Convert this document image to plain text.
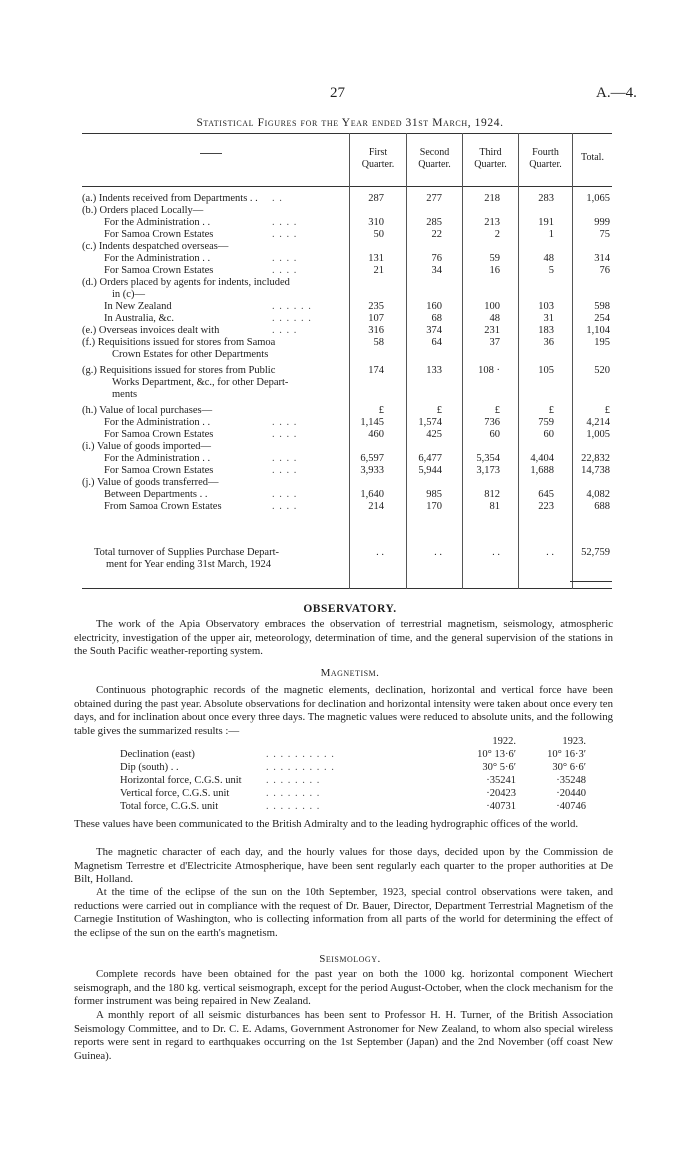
27	A.—4.
Statistical Figures for the Year ended 31st March, 1924.
First
Quarter.
Second
Quarter.
Third
Quarter.
Fourth
Quarter.
Total.
(a.) Indents received from Departments . . . .	287	277	218	283	1,065
(b.) Orders placed Locally—
For the Administration . .	. . . .	310	285	213	191	999
For Samoa Crown Estates	. . . .	50	22	2	1	75
(c.) Indents despatched overseas—
For the Administration . .	. . . .	131	76	59	48	314
For Samoa Crown Estates	. . . .	21	34	16	5	76
(d.) Orders placed by agents for indents, included
in (c)—
In New Zealand	. . . . . .	235	160	100	103	598
In Australia, &c.	. . . . . .	107	68	48	31	254
(e.) Overseas invoices dealt with	. . . .	316	374	231	183	1,104
(f.) Requisitions issued for stores from Samoa	58	64	37	36	195
Crown Estates for other Departments
(g.) Requisitions issued for stores from Public	174	133	108 ·	105	520
Works Department, &c., for other Depart-
ments
(h.) Value of local purchases—	£	£	£	£	£
For the Administration . .	. . . .	1,145	1,574	736	759	4,214
For Samoa Crown Estates	. . . .	460	425	60	60	1,005
(i.) Value of goods imported—
For the Administration . .	. . . .	6,597	6,477	5,354	4,404	22,832
For Samoa Crown Estates	. . . .	3,933	5,944	3,173	1,688	14,738
(j.) Value of goods transferred—
Between Departments . .	. . . .	1,640	985	812	645	4,082
From Samoa Crown Estates	. . . .	214	170	81	223	688
Total turnover of Supplies Purchase Depart-	. .	. .	. .	. .	52,759
ment for Year ending 31st March, 1924
OBSERVATORY.

The work of the Apia Observatory embraces the observation of terrestrial magnetism, seismology, atmospheric electricity, investigation of the upper air, meteorology, determination of time, and the general supervision of the stations in the South Pacific weather-reporting system.

Magnetism.

Continuous photographic records of the magnetic elements, declination, horizontal and vertical force have been obtained during the past year. Absolute observations for declination and horizontal intensity were taken about once every ten days, and for inclination about once every three days. The magnetic values were reduced to absolute units, and the following table gives the summarized results :—

1922.	1923.
Declination (east)	. . . . . . . . . .	10° 13·6′	10° 16·3′
Dip (south) . .	. . . . . . . . . .	30° 5·6′	30° 6·6′
Horizontal force, C.G.S. unit . . . . . . . .	·35241	·35248
Vertical force, C.G.S. unit	. . . . . . . .	·20423	·20440
Total force, C.G.S. unit	. . . . . . . .	·40731	·40746

These values have been communicated to the British Admiralty and to the leading hydrographic offices of the world.

The magnetic character of each day, and the hourly values for those days, decided upon by the Commission de Magnetism Terrestre et d'Electricite Atmospherique, have been sent regularly each quarter to the proper authorities at De Bilt, Holland.

At the time of the eclipse of the sun on the 10th September, 1923, special control observations were taken, and reductions were carried out in compliance with the request of Dr. Bauer, Director, Department Terrestrial Magnetism of the Carnegie Institution of Washington, who is collecting information from all parts of the world for determining the effect of the eclipse of the sun on the earth's magnetism.

Seismology.

Complete records have been obtained for the past year on both the 1000 kg. horizontal component Wiechert seismograph, and the 180 kg. vertical seismograph, except for the period August-October, when the clock mechanism for the former instrument was being repaired in New Zealand.

A monthly report of all seismic disturbances has been sent to Professor H. H. Turner, of the British Association Seismology Committee, and to Dr. C. E. Adams, Government Astronomer for New Zealand, to whom also special wireless reports were sent in regard to earthquakes occurring on the 1st September (Japan) and the 2nd November (off coast New Guinea).
